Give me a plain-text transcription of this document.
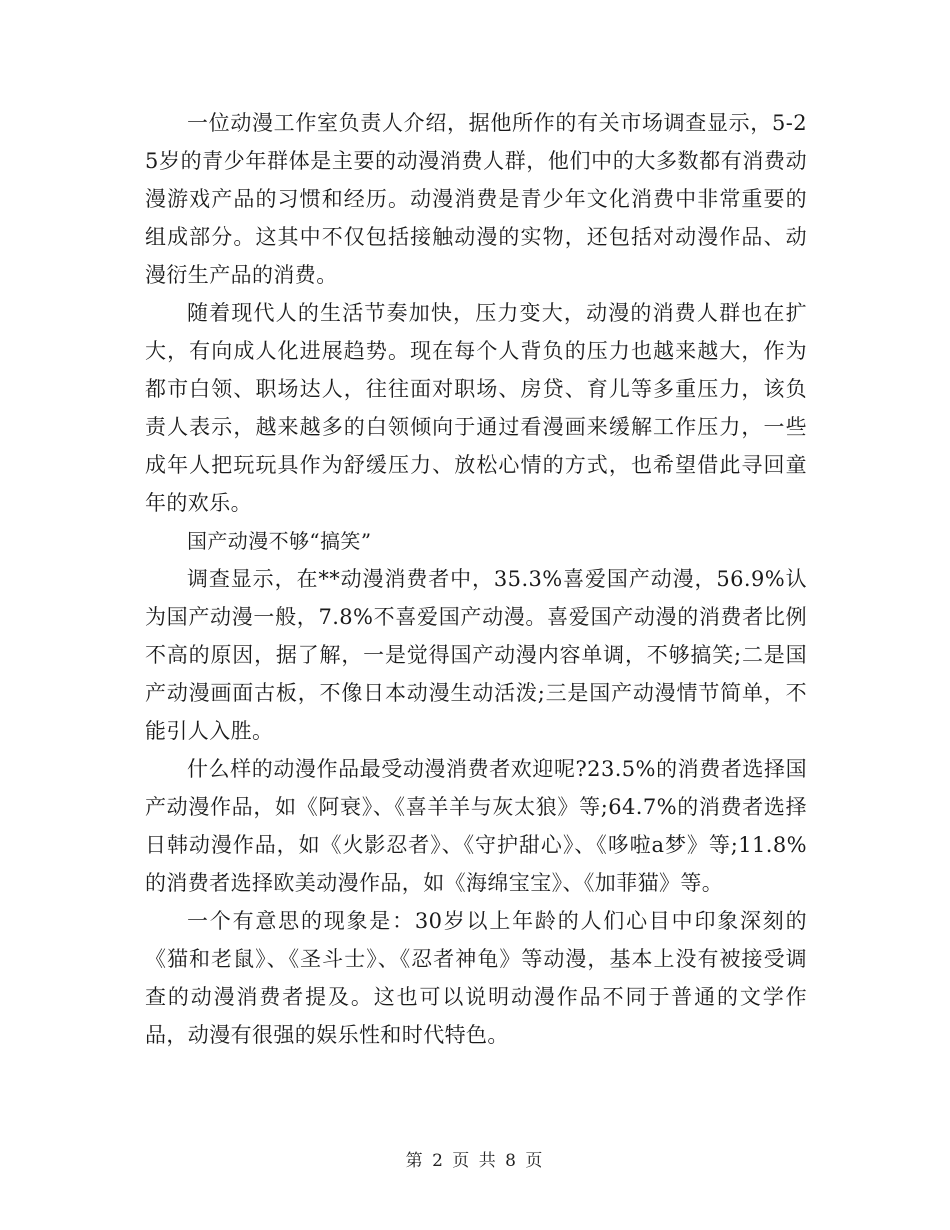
一位动漫工作室负责人介绍，据他所作的有关市场调查显示，5-25岁的青少年群体是主要的动漫消费人群，他们中的大多数都有消费动漫游戏产品的习惯和经历。动漫消费是青少年文化消费中非常重要的组成部分。这其中不仅包括接触动漫的实物，还包括对动漫作品、动漫衍生产品的消费。

随着现代人的生活节奏加快，压力变大，动漫的消费人群也在扩大，有向成人化进展趋势。现在每个人背负的压力也越来越大，作为都市白领、职场达人，往往面对职场、房贷、育儿等多重压力，该负责人表示，越来越多的白领倾向于通过看漫画来缓解工作压力，一些成年人把玩玩具作为舒缓压力、放松心情的方式，也希望借此寻回童年的欢乐。

国产动漫不够“搞笑”

调查显示，在**动漫消费者中，35.3%喜爱国产动漫，56.9%认为国产动漫一般，7.8%不喜爱国产动漫。喜爱国产动漫的消费者比例不高的原因，据了解，一是觉得国产动漫内容单调，不够搞笑;二是国产动漫画面古板，不像日本动漫生动活泼;三是国产动漫情节简单，不能引人入胜。

什么样的动漫作品最受动漫消费者欢迎呢?23.5%的消费者选择国产动漫作品，如《阿衰》、《喜羊羊与灰太狼》等;64.7%的消费者选择日韩动漫作品，如《火影忍者》、《守护甜心》、《哆啦a梦》等;11.8%的消费者选择欧美动漫作品，如《海绵宝宝》、《加菲猫》等。

一个有意思的现象是：30岁以上年龄的人们心目中印象深刻的《猫和老鼠》、《圣斗士》、《忍者神龟》等动漫，基本上没有被接受调查的动漫消费者提及。这也可以说明动漫作品不同于普通的文学作品，动漫有很强的娱乐性和时代特色。

第 2 页 共 8 页
